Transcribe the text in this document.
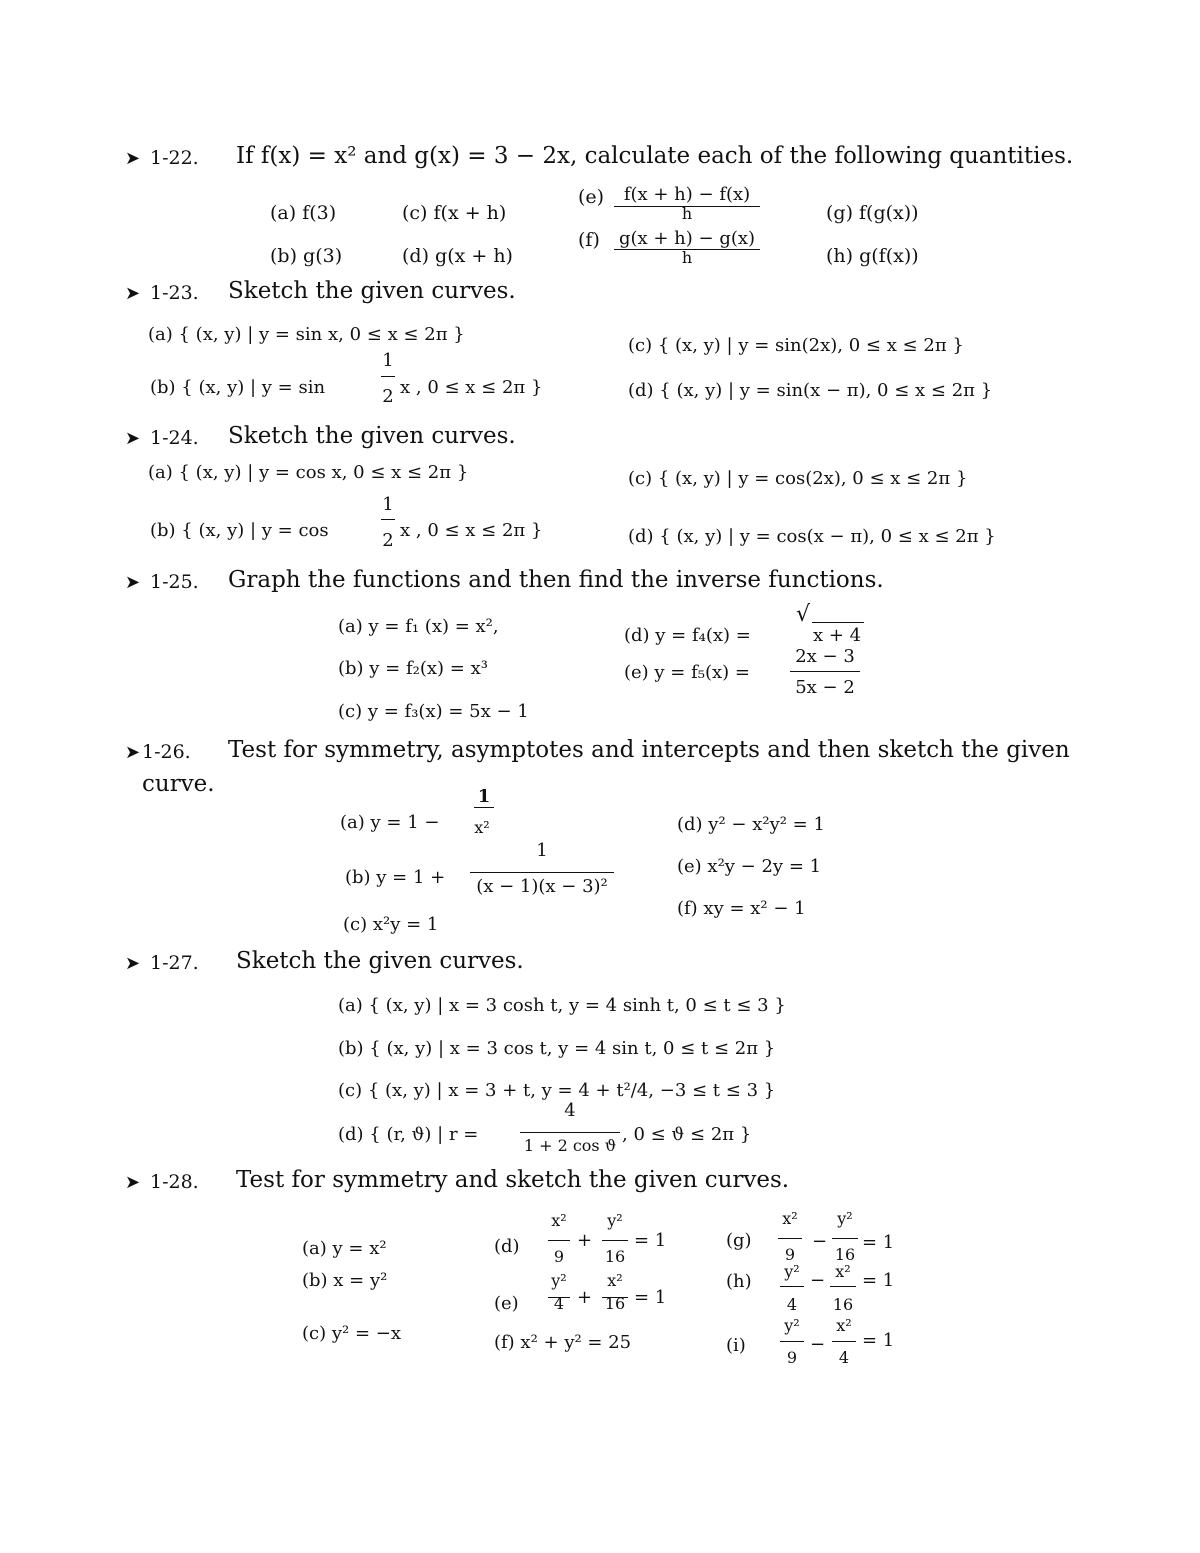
➤ 1-22. If f(x) = x² and g(x) = 3 − 2x, calculate each of the following quantities.
(a) f(3)
(b) g(3)
(c) f(x + h)
(d) g(x + h)
(e)	f(x + h) − f(x)
h
(f)	g(x + h) − g(x)
h
(g) f(g(x))
(h) g(f(x))
➤ 1-23. Sketch the given curves.
(a) { (x, y) | y = sin x, 0 ≤ x ≤ 2π }
(b) { (x, y) | y = sin
1
2 x , 0 ≤ x ≤ 2π }
(c) { (x, y) | y = sin(2x), 0 ≤ x ≤ 2π }
(d) { (x, y) | y = sin(x − π), 0 ≤ x ≤ 2π }
➤ 1-24. Sketch the given curves.
(a) { (x, y) | y = cos x, 0 ≤ x ≤ 2π }
(b) { (x, y) | y = cos
1
2 x , 0 ≤ x ≤ 2π }
(c) { (x, y) | y = cos(2x), 0 ≤ x ≤ 2π }
(d) { (x, y) | y = cos(x − π), 0 ≤ x ≤ 2π }
➤ 1-25. Graph the functions and then find the inverse functions.
(a) y = f₁ (x) = x²,
(b) y = f₂(x) = x³
(c) y = f₃(x) = 5x − 1
(d) y = f₄(x) =
√
x + 4
(e) y = f₅(x) =
2x − 3
5x − 2
➤ 1-26. Test for symmetry, asymptotes and intercepts and then sketch the given
curve.
(a) y = 1 −
1
x²
(b) y = 1 +
1
(x − 1)(x − 3)²
(c) x²y = 1
(d) y² − x²y² = 1
(e) x²y − 2y = 1
(f) xy = x² − 1
➤ 1-27. Sketch the given curves.
(a) { (x, y) | x = 3 cosh t, y = 4 sinh t, 0 ≤ t ≤ 3 }
(b) { (x, y) | x = 3 cos t, y = 4 sin t, 0 ≤ t ≤ 2π }
(c) { (x, y) | x = 3 + t, y = 4 + t²/4, −3 ≤ t ≤ 3 }
(d) { (r, ϑ) | r =
4
1 + 2 cos ϑ
, 0 ≤ ϑ ≤ 2π }
➤ 1-28. Test for symmetry and sketch the given curves.
(a) y = x²
(b) x = y²
(c) y² = −x
(d)
x²
9
+
y²
16
= 1
(e)
y²
4 +
x²
16 = 1
(f) x² + y² = 25
(g)
x²
9
−
y²
16
= 1
(h)	y²
4
− x²
16
= 1
(i)
y²
9
−
x²
4
= 1
